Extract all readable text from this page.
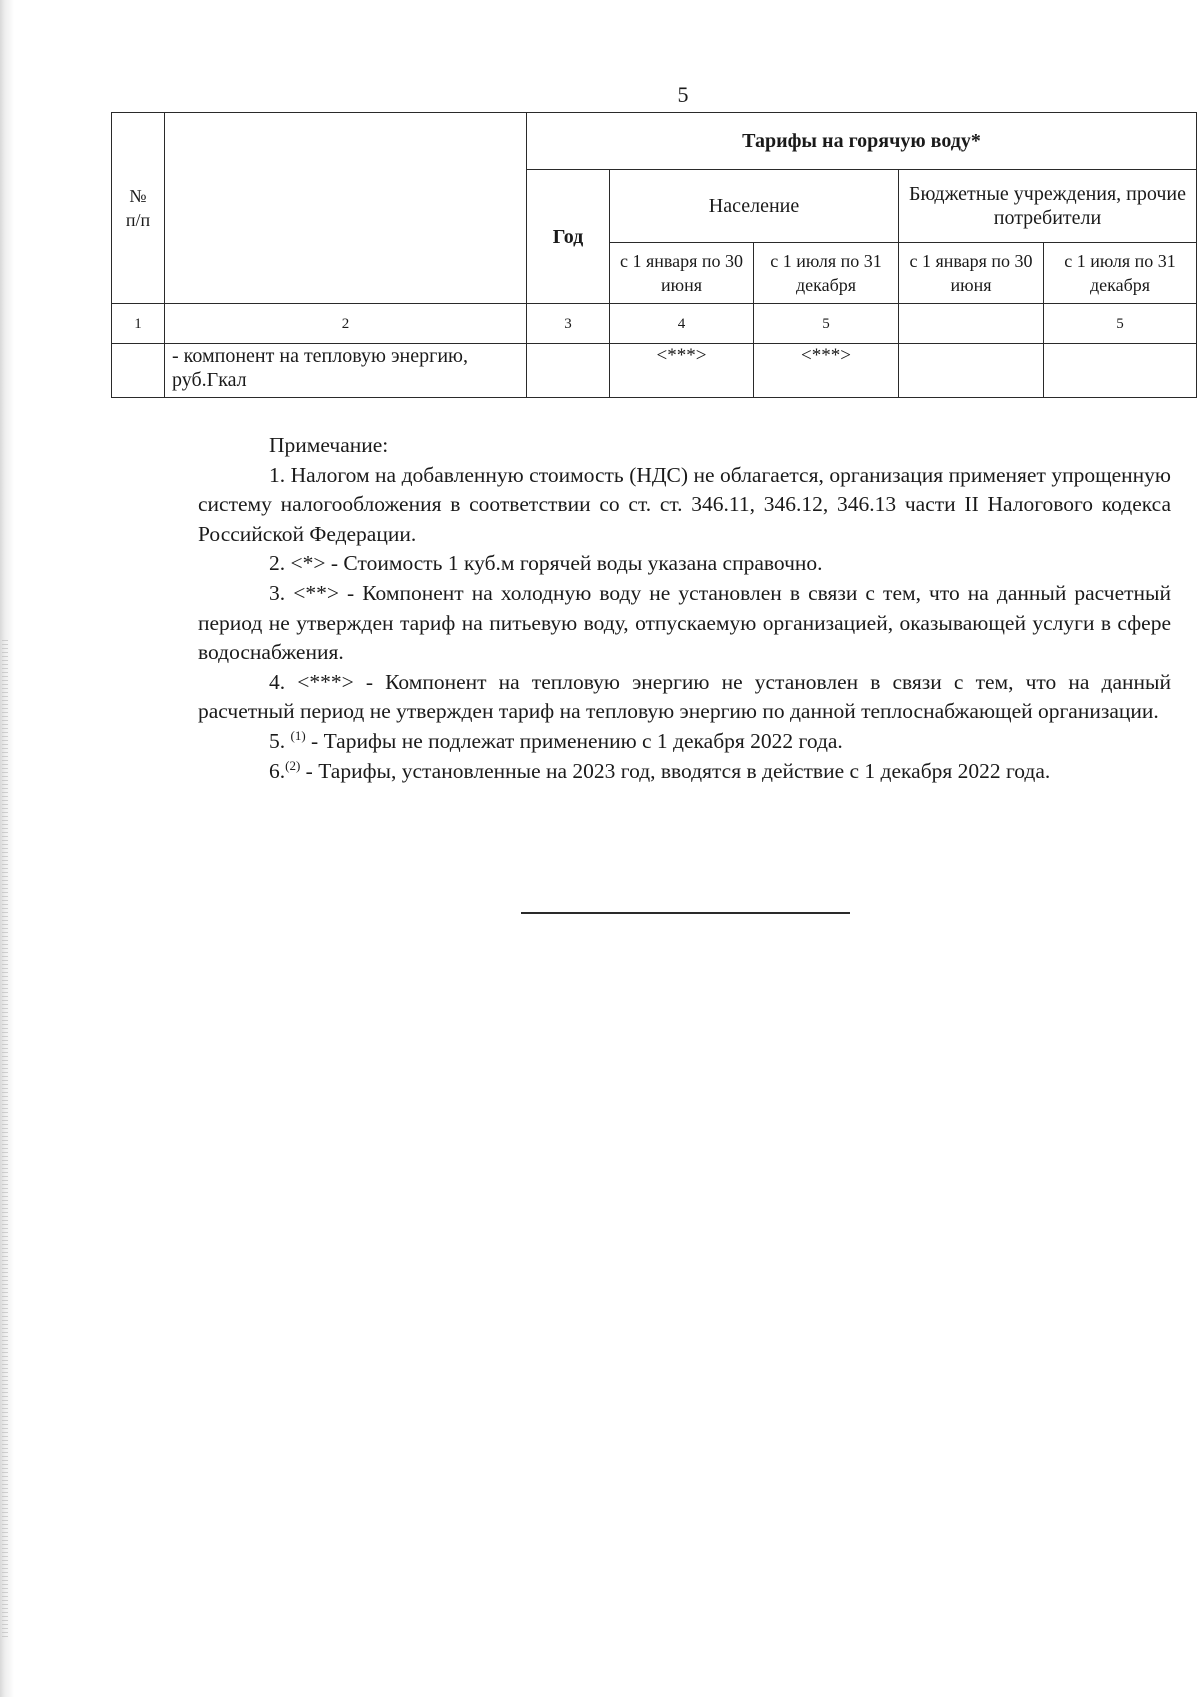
5
№
п/п		Тарифы на горячую воду*				
		Год	Население		Бюджетные учреждения, прочие потребители	
			с 1 января по 30 июня	с 1 июля по 31 декабря	с 1 января по 30 июня	с 1 июля по 31 декабря
1	2	3	4	5		5
	- компонент на тепловую энергию, руб.Гкал		<***>	<***>		

Примечание:

1. Налогом на добавленную стоимость (НДС) не облагается, организация применяет упрощенную систему налогообложения в соответствии со ст. ст. 346.11, 346.12, 346.13 части II Налогового кодекса Российской Федерации.

2. <*> - Стоимость 1 куб.м горячей воды указана справочно.

3. <**> - Компонент на холодную воду не установлен в связи с тем, что на данный расчетный период не утвержден тариф на питьевую воду, отпускаемую организацией, оказывающей услуги в сфере водоснабжения.

4. <***> - Компонент на тепловую энергию не установлен в связи с тем, что на данный расчетный период не утвержден тариф на тепловую энергию по данной теплоснабжающей организации.

5. $^{(1)}$ - Тарифы не подлежат применению с 1 декабря 2022 года.

6.$^{(2)}$ - Тарифы, установленные на 2023 год, вводятся в действие с 1 декабря 2022 года.
